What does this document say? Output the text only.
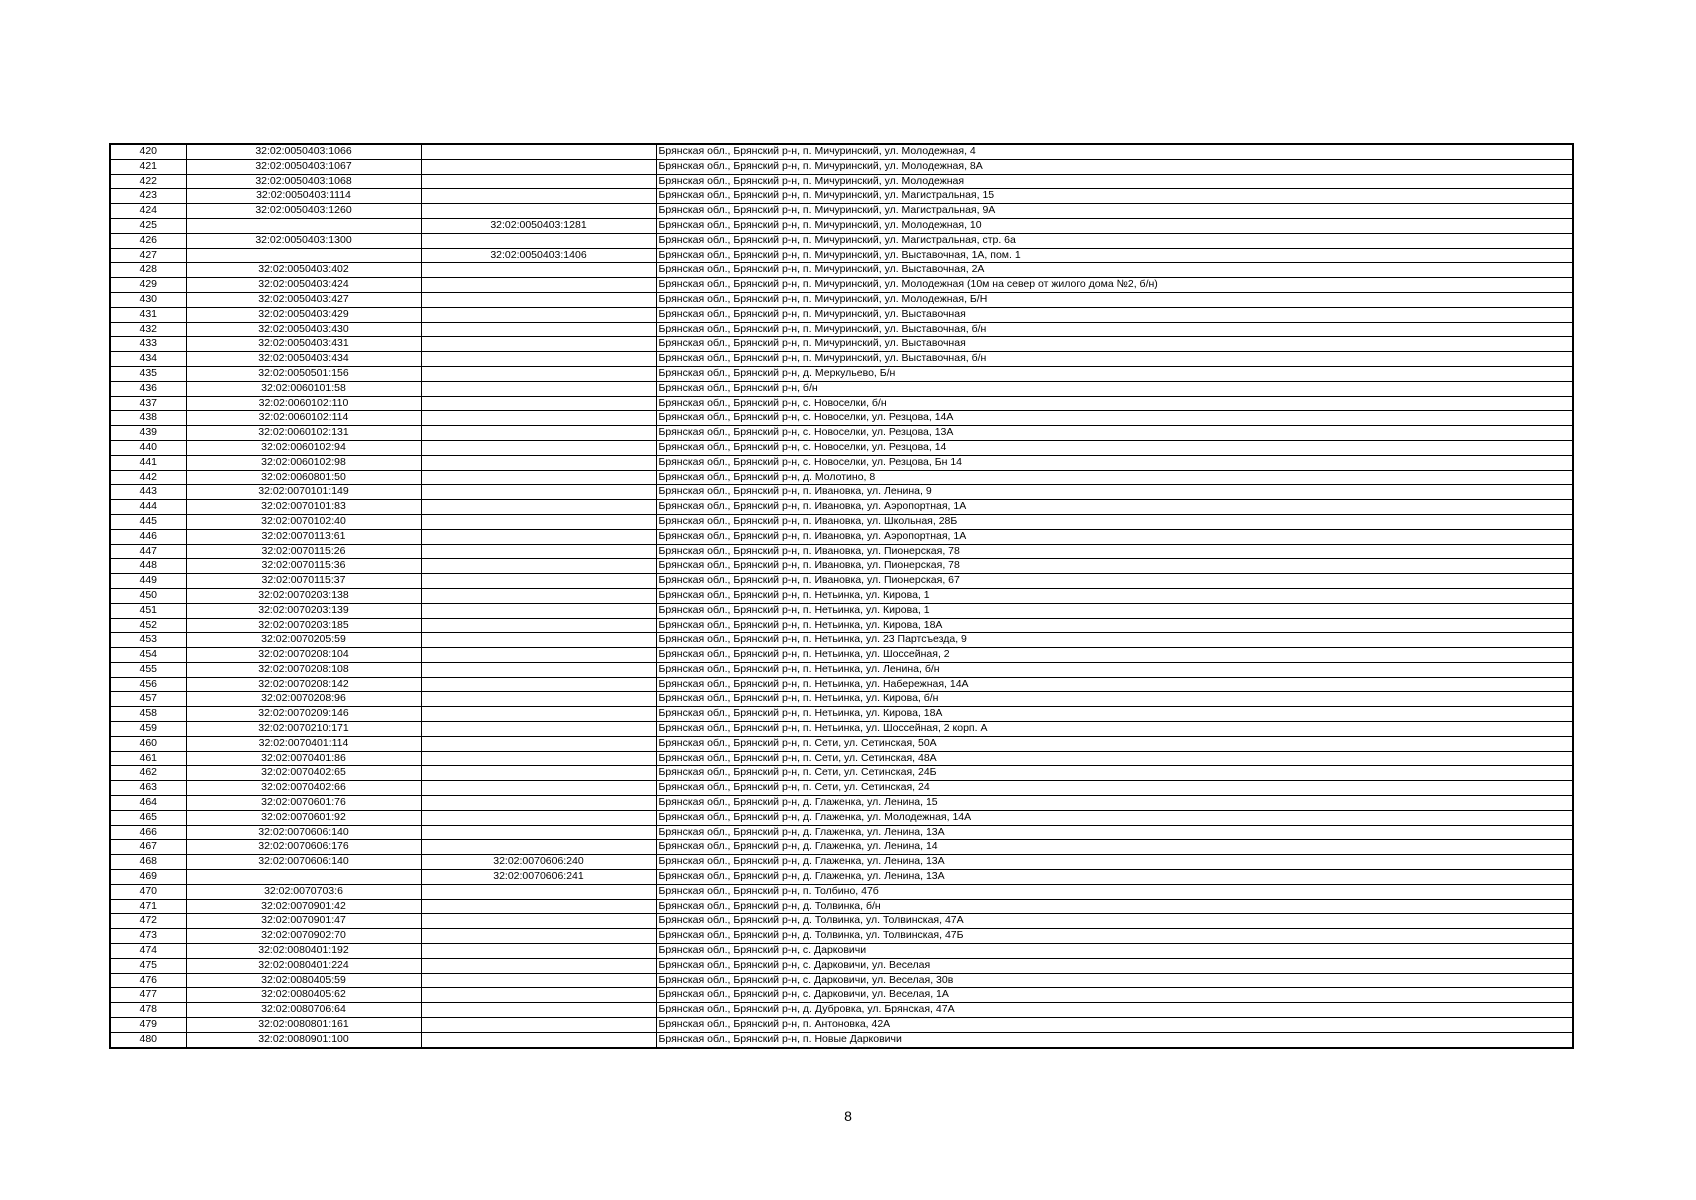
420	32:02:0050403:1066		Брянская обл., Брянский р-н, п. Мичуринский, ул. Молодежная, 4
421	32:02:0050403:1067		Брянская обл., Брянский р-н, п. Мичуринский, ул. Молодежная, 8А
422	32:02:0050403:1068		Брянская обл., Брянский р-н, п. Мичуринский, ул. Молодежная
423	32:02:0050403:1114		Брянская обл., Брянский р-н, п. Мичуринский, ул. Магистральная, 15
424	32:02:0050403:1260		Брянская обл., Брянский р-н, п. Мичуринский, ул. Магистральная, 9А
425		32:02:0050403:1281	Брянская обл., Брянский р-н, п. Мичуринский, ул. Молодежная, 10
426	32:02:0050403:1300		Брянская обл., Брянский р-н, п. Мичуринский, ул. Магистральная, стр. 6а
427		32:02:0050403:1406	Брянская обл., Брянский р-н, п. Мичуринский, ул. Выставочная, 1А, пом. 1
428	32:02:0050403:402		Брянская обл., Брянский р-н, п. Мичуринский, ул. Выставочная, 2А
429	32:02:0050403:424		Брянская обл., Брянский р-н, п. Мичуринский, ул. Молодежная (10м на север от жилого дома №2, б/н)
430	32:02:0050403:427		Брянская обл., Брянский р-н, п. Мичуринский, ул. Молодежная, Б/Н
431	32:02:0050403:429		Брянская обл., Брянский р-н, п. Мичуринский, ул. Выставочная
432	32:02:0050403:430		Брянская обл., Брянский р-н, п. Мичуринский, ул. Выставочная, б/н
433	32:02:0050403:431		Брянская обл., Брянский р-н, п. Мичуринский, ул. Выставочная
434	32:02:0050403:434		Брянская обл., Брянский р-н, п. Мичуринский, ул. Выставочная, б/н
435	32:02:0050501:156		Брянская обл., Брянский р-н, д. Меркульево, Б/н
436	32:02:0060101:58		Брянская обл., Брянский р-н, б/н
437	32:02:0060102:110		Брянская обл., Брянский р-н, с. Новоселки, б/н
438	32:02:0060102:114		Брянская обл., Брянский р-н, с. Новоселки, ул. Резцова, 14А
439	32:02:0060102:131		Брянская обл., Брянский р-н, с. Новоселки, ул. Резцова, 13А
440	32:02:0060102:94		Брянская обл., Брянский р-н, с. Новоселки, ул. Резцова, 14
441	32:02:0060102:98		Брянская обл., Брянский р-н, с. Новоселки, ул. Резцова, Бн 14
442	32:02:0060801:50		Брянская обл., Брянский р-н, д. Молотино, 8
443	32:02:0070101:149		Брянская обл., Брянский р-н, п. Ивановка, ул. Ленина, 9
444	32:02:0070101:83		Брянская обл., Брянский р-н, п. Ивановка, ул. Аэропортная, 1А
445	32:02:0070102:40		Брянская обл., Брянский р-н, п. Ивановка, ул. Школьная, 28Б
446	32:02:0070113:61		Брянская обл., Брянский р-н, п. Ивановка, ул. Аэропортная, 1А
447	32:02:0070115:26		Брянская обл., Брянский р-н, п. Ивановка, ул. Пионерская, 78
448	32:02:0070115:36		Брянская обл., Брянский р-н, п. Ивановка, ул. Пионерская, 78
449	32:02:0070115:37		Брянская обл., Брянский р-н, п. Ивановка, ул. Пионерская, 67
450	32:02:0070203:138		Брянская обл., Брянский р-н, п. Нетьинка, ул. Кирова, 1
451	32:02:0070203:139		Брянская обл., Брянский р-н, п. Нетьинка, ул. Кирова, 1
452	32:02:0070203:185		Брянская обл., Брянский р-н, п. Нетьинка, ул. Кирова, 18А
453	32:02:0070205:59		Брянская обл., Брянский р-н, п. Нетьинка, ул. 23 Партсъезда, 9
454	32:02:0070208:104		Брянская обл., Брянский р-н, п. Нетьинка, ул. Шоссейная, 2
455	32:02:0070208:108		Брянская обл., Брянский р-н, п. Нетьинка, ул. Ленина, б/н
456	32:02:0070208:142		Брянская обл., Брянский р-н, п. Нетьинка, ул. Набережная, 14А
457	32:02:0070208:96		Брянская обл., Брянский р-н, п. Нетьинка, ул. Кирова, б/н
458	32:02:0070209:146		Брянская обл., Брянский р-н, п. Нетьинка, ул. Кирова, 18А
459	32:02:0070210:171		Брянская обл., Брянский р-н, п. Нетьинка, ул. Шоссейная, 2 корп. А
460	32:02:0070401:114		Брянская обл., Брянский р-н, п. Сети, ул. Сетинская, 50А
461	32:02:0070401:86		Брянская обл., Брянский р-н, п. Сети, ул. Сетинская, 48А
462	32:02:0070402:65		Брянская обл., Брянский р-н, п. Сети, ул. Сетинская, 24Б
463	32:02:0070402:66		Брянская обл., Брянский р-н, п. Сети, ул. Сетинская, 24
464	32:02:0070601:76		Брянская обл., Брянский р-н, д. Глаженка, ул. Ленина, 15
465	32:02:0070601:92		Брянская обл., Брянский р-н, д. Глаженка, ул. Молодежная, 14А
466	32:02:0070606:140		Брянская обл., Брянский р-н, д. Глаженка, ул. Ленина, 13А
467	32:02:0070606:176		Брянская обл., Брянский р-н, д. Глаженка, ул. Ленина, 14
468	32:02:0070606:140	32:02:0070606:240	Брянская обл., Брянский р-н, д. Глаженка, ул. Ленина, 13А
469		32:02:0070606:241	Брянская обл., Брянский р-н, д. Глаженка, ул. Ленина, 13А
470	32:02:0070703:6		Брянская обл., Брянский р-н, п. Толбино, 47б
471	32:02:0070901:42		Брянская обл., Брянский р-н, д. Толвинка, б/н
472	32:02:0070901:47		Брянская обл., Брянский р-н, д. Толвинка, ул. Толвинская, 47А
473	32:02:0070902:70		Брянская обл., Брянский р-н, д. Толвинка, ул. Толвинская, 47Б
474	32:02:0080401:192		Брянская обл., Брянский р-н, с. Дарковичи
475	32:02:0080401:224		Брянская обл., Брянский р-н, с. Дарковичи, ул. Веселая
476	32:02:0080405:59		Брянская обл., Брянский р-н, с. Дарковичи, ул. Веселая, 30в
477	32:02:0080405:62		Брянская обл., Брянский р-н, с. Дарковичи, ул. Веселая, 1А
478	32:02:0080706:64		Брянская обл., Брянский р-н, д. Дубровка, ул. Брянская, 47А
479	32:02:0080801:161		Брянская обл., Брянский р-н, п. Антоновка, 42А
480	32:02:0080901:100		Брянская обл., Брянский р-н, п. Новые Дарковичи
8
